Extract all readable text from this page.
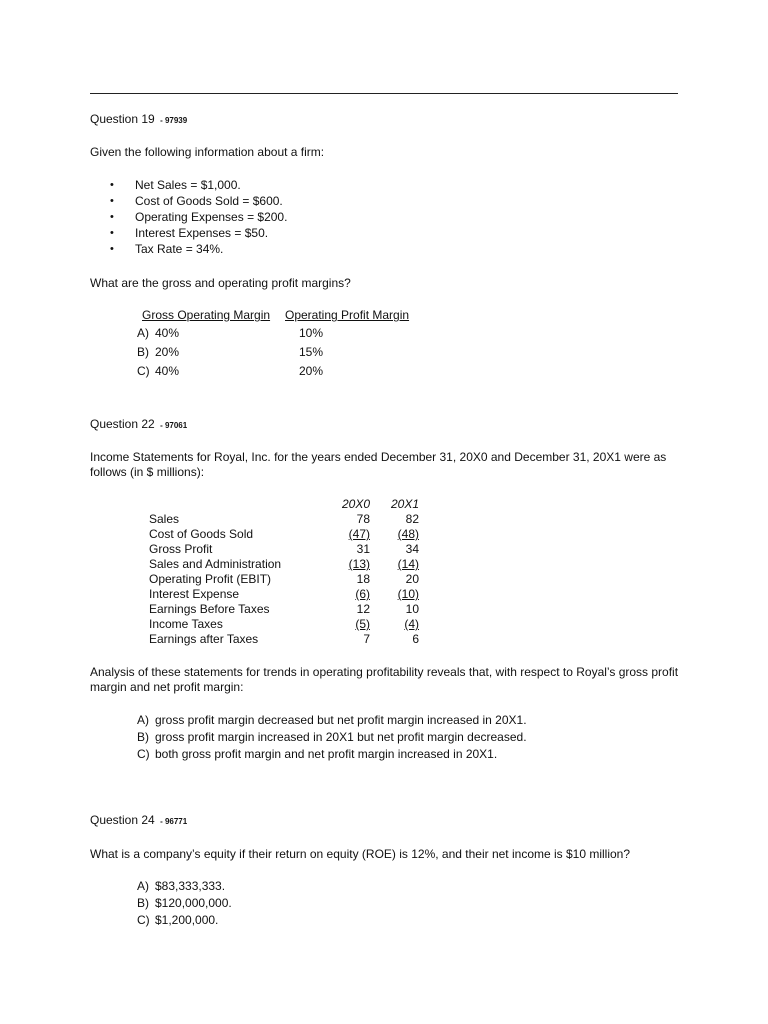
Question 19 - 97939
Given the following information about a firm:
• Net Sales = $1,000.
• Cost of Goods Sold = $600.
• Operating Expenses = $200.
• Interest Expenses = $50.
• Tax Rate = 34%.
What are the gross and operating profit margins?
Gross Operating Margin Operating Profit Margin
A) 40%	10%
B) 20%	15%
C) 40%	20%
Question 22 - 97061
Income Statements for Royal, Inc. for the years ended December 31, 20X0 and December 31, 20X1 were as follows (in $ millions):
20X0 20X1
Sales	78	82
Cost of Goods Sold	(47) (48)
Gross Profit	31	34
Sales and Administration	(13) (14)
Operating Profit (EBIT)	18	20
Interest Expense	(6) (10)
Earnings Before Taxes	12	10
Income Taxes	(5)	(4)
Earnings after Taxes	7	6
Analysis of these statements for trends in operating profitability reveals that, with respect to Royal’s gross profit margin and net profit margin:
A) gross profit margin decreased but net profit margin increased in 20X1.
B) gross profit margin increased in 20X1 but net profit margin decreased.
C) both gross profit margin and net profit margin increased in 20X1.
Question 24 - 96771
What is a company’s equity if their return on equity (ROE) is 12%, and their net income is $10 million?
A) $83,333,333.
B) $120,000,000.
C) $1,200,000.
